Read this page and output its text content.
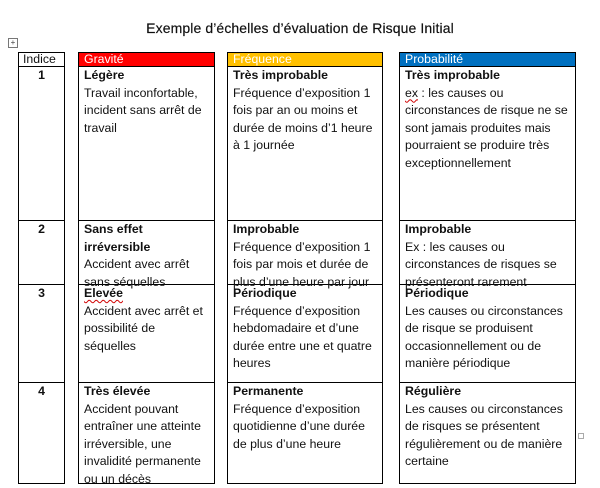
Exemple d’échelles d’évaluation de Risque Initial
+
Indice
1
2
3
4
Gravité
Légère
Travail inconfortable, incident sans arrêt de travail
Sans effet irréversible
Accident avec arrêt sans séquelles
Elevée
Accident avec arrêt et possibilité de séquelles
Très élevée
Accident pouvant entraîner une atteinte irréversible, une invalidité permanente ou un décès
Fréquence
Très improbable
Fréquence d’exposition 1 fois par an ou moins et durée de moins d’1 heure à 1 journée
Improbable
Fréquence d’exposition 1 fois par mois et durée de plus d’une heure par jour
Périodique
Fréquence d’exposition hebdomadaire et d’une durée entre une et quatre heures
Permanente
Fréquence d’exposition quotidienne d’une durée de plus d’une heure
Probabilité
Très improbable
ex : les causes ou circonstances de risque ne se sont jamais produites mais pourraient se produire très exceptionnellement
Improbable
Ex : les causes ou circonstances de risques se présenteront rarement
Périodique
Les causes ou circonstances de risque se produisent occasionnellement ou de manière périodique
Régulière
Les causes ou circonstances de risques se présentent régulièrement ou de manière certaine
